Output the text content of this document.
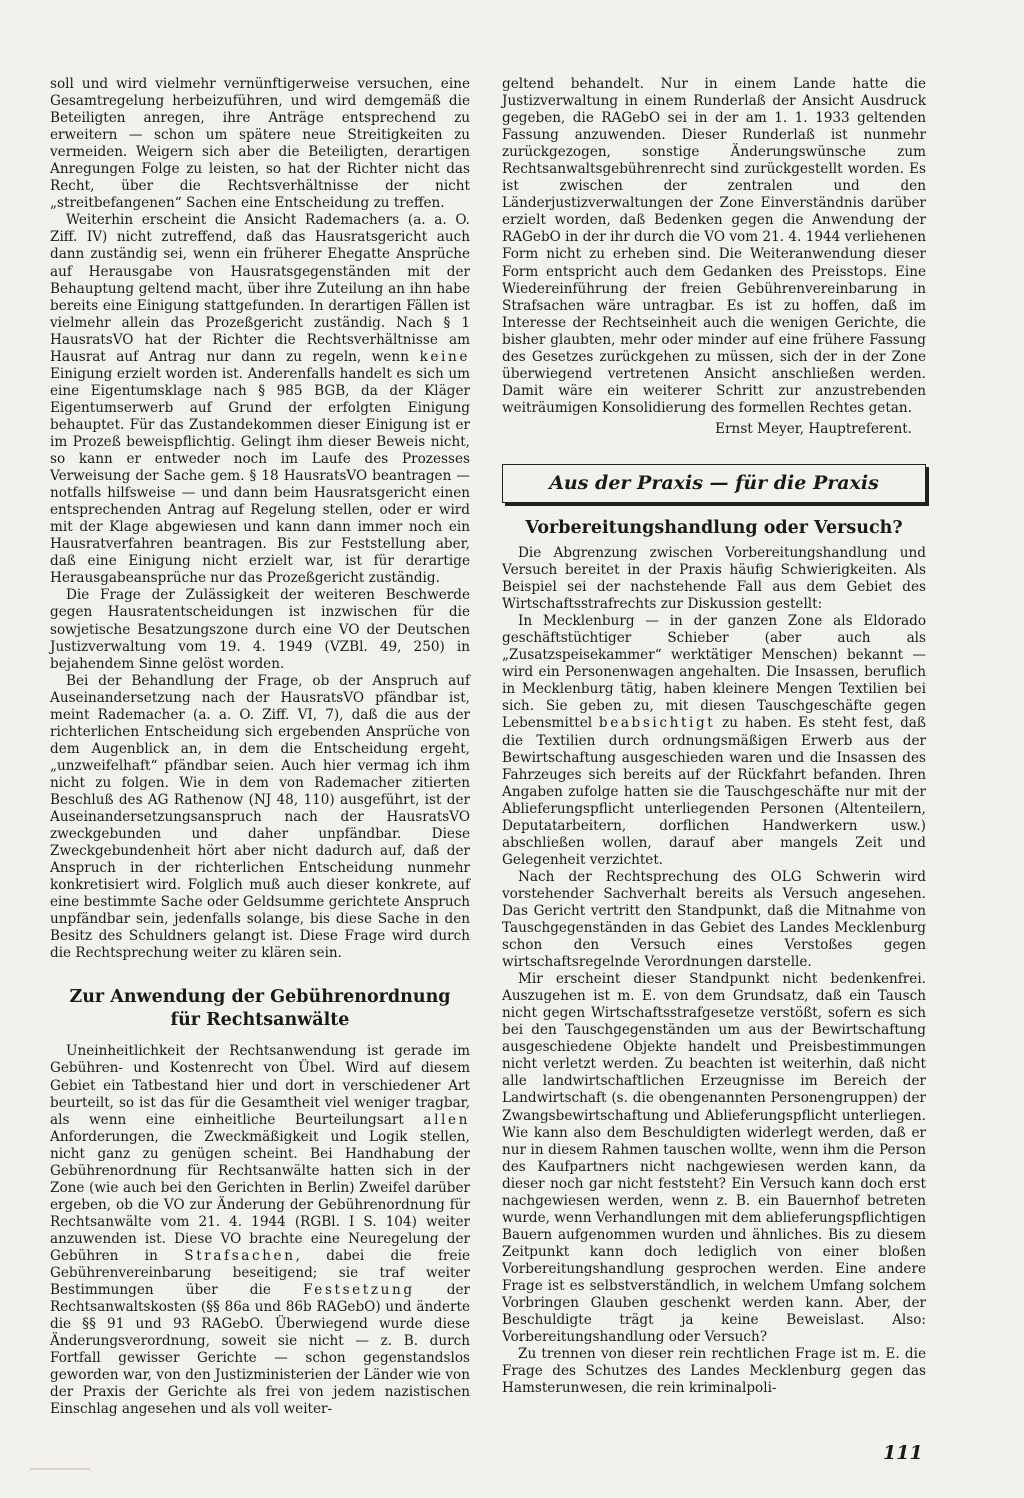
soll und wird vielmehr vernünftigerweise versuchen, eine Gesamtregelung herbeizuführen, und wird demgemäß die Beteiligten anregen, ihre Anträge entsprechend zu erweitern — schon um spätere neue Streitigkeiten zu vermeiden. Weigern sich aber die Beteiligten, derartigen Anregungen Folge zu leisten, so hat der Richter nicht das Recht, über die Rechtsverhältnisse der nicht „streitbefangenen“ Sachen eine Entscheidung zu treffen.

Weiterhin erscheint die Ansicht Rademachers (a. a. O. Ziff. IV) nicht zutreffend, daß das Hausratsgericht auch dann zuständig sei, wenn ein früherer Ehegatte Ansprüche auf Herausgabe von Hausratsgegenständen mit der Behauptung geltend macht, über ihre Zuteilung an ihn habe bereits eine Einigung stattgefunden. In derartigen Fällen ist vielmehr allein das Prozeßgericht zuständig. Nach § 1 HausratsVO hat der Richter die Rechtsverhältnisse am Hausrat auf Antrag nur dann zu regeln, wenn keine Einigung erzielt worden ist. Anderenfalls handelt es sich um eine Eigentumsklage nach § 985 BGB, da der Kläger Eigentumserwerb auf Grund der erfolgten Einigung behauptet. Für das Zustandekommen dieser Einigung ist er im Prozeß beweispflichtig. Gelingt ihm dieser Beweis nicht, so kann er entweder noch im Laufe des Prozesses Verweisung der Sache gem. § 18 HausratsVO beantragen — notfalls hilfsweise — und dann beim Hausratsgericht einen entsprechenden Antrag auf Regelung stellen, oder er wird mit der Klage abgewiesen und kann dann immer noch ein Hausratverfahren beantragen. Bis zur Feststellung aber, daß eine Einigung nicht erzielt war, ist für derartige Herausgabeansprüche nur das Prozeßgericht zuständig.

Die Frage der Zulässigkeit der weiteren Beschwerde gegen Hausratentscheidungen ist inzwischen für die sowjetische Besatzungszone durch eine VO der Deutschen Justizverwaltung vom 19. 4. 1949 (VZBl. 49, 250) in bejahendem Sinne gelöst worden.

Bei der Behandlung der Frage, ob der Anspruch auf Auseinandersetzung nach der HausratsVO pfändbar ist, meint Rademacher (a. a. O. Ziff. VI, 7), daß die aus der richterlichen Entscheidung sich ergebenden Ansprüche von dem Augenblick an, in dem die Entscheidung ergeht, „unzweifelhaft“ pfändbar seien. Auch hier vermag ich ihm nicht zu folgen. Wie in dem von Rademacher zitierten Beschluß des AG Rathenow (NJ 48, 110) ausgeführt, ist der Auseinandersetzungsanspruch nach der HausratsVO zweckgebunden und daher unpfändbar. Diese Zweckgebundenheit hört aber nicht dadurch auf, daß der Anspruch in der richterlichen Entscheidung nunmehr konkretisiert wird. Folglich muß auch dieser konkrete, auf eine bestimmte Sache oder Geldsumme gerichtete Anspruch unpfändbar sein, jedenfalls solange, bis diese Sache in den Besitz des Schuldners gelangt ist. Diese Frage wird durch die Rechtsprechung weiter zu klären sein.

Zur Anwendung der Gebührenordnung
für Rechtsanwälte

Uneinheitlichkeit der Rechtsanwendung ist gerade im Gebühren- und Kostenrecht von Übel. Wird auf diesem Gebiet ein Tatbestand hier und dort in verschiedener Art beurteilt, so ist das für die Gesamtheit viel weniger tragbar, als wenn eine einheitliche Beurteilungsart allen Anforderungen, die Zweckmäßigkeit und Logik stellen, nicht ganz zu genügen scheint. Bei Handhabung der Gebührenordnung für Rechtsanwälte hatten sich in der Zone (wie auch bei den Gerichten in Berlin) Zweifel darüber ergeben, ob die VO zur Änderung der Gebührenordnung für Rechtsanwälte vom 21. 4. 1944 (RGBl. I S. 104) weiter anzuwenden ist. Diese VO brachte eine Neuregelung der Gebühren in Strafsachen, dabei die freie Gebührenvereinbarung beseitigend; sie traf weiter Bestimmungen über die Festsetzung der Rechtsanwaltskosten (§§ 86a und 86b RAGebO) und änderte die §§ 91 und 93 RAGebO. Überwiegend wurde diese Änderungsverordnung, soweit sie nicht — z. B. durch Fortfall gewisser Gerichte — schon gegenstandslos geworden war, von den Justizministerien der Länder wie von der Praxis der Gerichte als frei von jedem nazistischen Einschlag angesehen und als voll weiter-

geltend behandelt. Nur in einem Lande hatte die Justizverwaltung in einem Runderlaß der Ansicht Ausdruck gegeben, die RAGebO sei in der am 1. 1. 1933 geltenden Fassung anzuwenden. Dieser Runderlaß ist nunmehr zurückgezogen, sonstige Änderungswünsche zum Rechtsanwaltsgebührenrecht sind zurückgestellt worden. Es ist zwischen der zentralen und den Länderjustizverwaltungen der Zone Einverständnis darüber erzielt worden, daß Bedenken gegen die Anwendung der RAGebO in der ihr durch die VO vom 21. 4. 1944 verliehenen Form nicht zu erheben sind. Die Weiteranwendung dieser Form entspricht auch dem Gedanken des Preisstops. Eine Wiedereinführung der freien Gebührenvereinbarung in Strafsachen wäre untragbar. Es ist zu hoffen, daß im Interesse der Rechtseinheit auch die wenigen Gerichte, die bisher glaubten, mehr oder minder auf eine frühere Fassung des Gesetzes zurückgehen zu müssen, sich der in der Zone überwiegend vertretenen Ansicht anschließen werden. Damit wäre ein weiterer Schritt zur anzustrebenden weiträumigen Konsolidierung des formellen Rechtes getan.

Ernst Meyer, Hauptreferent.

Aus der Praxis — für die Praxis
Vorbereitungshandlung oder Versuch?

Die Abgrenzung zwischen Vorbereitungshandlung und Versuch bereitet in der Praxis häufig Schwierigkeiten. Als Beispiel sei der nachstehende Fall aus dem Gebiet des Wirtschaftsstrafrechts zur Diskussion gestellt:

In Mecklenburg — in der ganzen Zone als Eldorado geschäftstüchtiger Schieber (aber auch als „Zusatzspeisekammer“ werktätiger Menschen) bekannt — wird ein Personenwagen angehalten. Die Insassen, beruflich in Mecklenburg tätig, haben kleinere Mengen Textilien bei sich. Sie geben zu, mit diesen Tauschgeschäfte gegen Lebensmittel beabsichtigt zu haben. Es steht fest, daß die Textilien durch ordnungsmäßigen Erwerb aus der Bewirtschaftung ausgeschieden waren und die Insassen des Fahrzeuges sich bereits auf der Rückfahrt befanden. Ihren Angaben zufolge hatten sie die Tauschgeschäfte nur mit der Ablieferungspflicht unterliegenden Personen (Altenteilern, Deputatarbeitern, dorflichen Handwerkern usw.) abschließen wollen, darauf aber mangels Zeit und Gelegenheit verzichtet.

Nach der Rechtsprechung des OLG Schwerin wird vorstehender Sachverhalt bereits als Versuch angesehen. Das Gericht vertritt den Standpunkt, daß die Mitnahme von Tauschgegenständen in das Gebiet des Landes Mecklenburg schon den Versuch eines Verstoßes gegen wirtschaftsregelnde Verordnungen darstelle.

Mir erscheint dieser Standpunkt nicht bedenkenfrei. Auszugehen ist m. E. von dem Grundsatz, daß ein Tausch nicht gegen Wirtschaftsstrafgesetze verstößt, sofern es sich bei den Tauschgegenständen um aus der Bewirtschaftung ausgeschiedene Objekte handelt und Preisbestimmungen nicht verletzt werden. Zu beachten ist weiterhin, daß nicht alle landwirtschaftlichen Erzeugnisse im Bereich der Landwirtschaft (s. die obengenannten Personengruppen) der Zwangsbewirtschaftung und Ablieferungspflicht unterliegen. Wie kann also dem Beschuldigten widerlegt werden, daß er nur in diesem Rahmen tauschen wollte, wenn ihm die Person des Kaufpartners nicht nachgewiesen werden kann, da dieser noch gar nicht feststeht? Ein Versuch kann doch erst nachgewiesen werden, wenn z. B. ein Bauernhof betreten wurde, wenn Verhandlungen mit dem ablieferungspflichtigen Bauern aufgenommen wurden und ähnliches. Bis zu diesem Zeitpunkt kann doch lediglich von einer bloßen Vorbereitungshandlung gesprochen werden. Eine andere Frage ist es selbstverständlich, in welchem Umfang solchem Vorbringen Glauben geschenkt werden kann. Aber, der Beschuldigte trägt ja keine Beweislast. Also: Vorbereitungshandlung oder Versuch?

Zu trennen von dieser rein rechtlichen Frage ist m. E. die Frage des Schutzes des Landes Mecklenburg gegen das Hamsterunwesen, die rein kriminalpoli-

111
